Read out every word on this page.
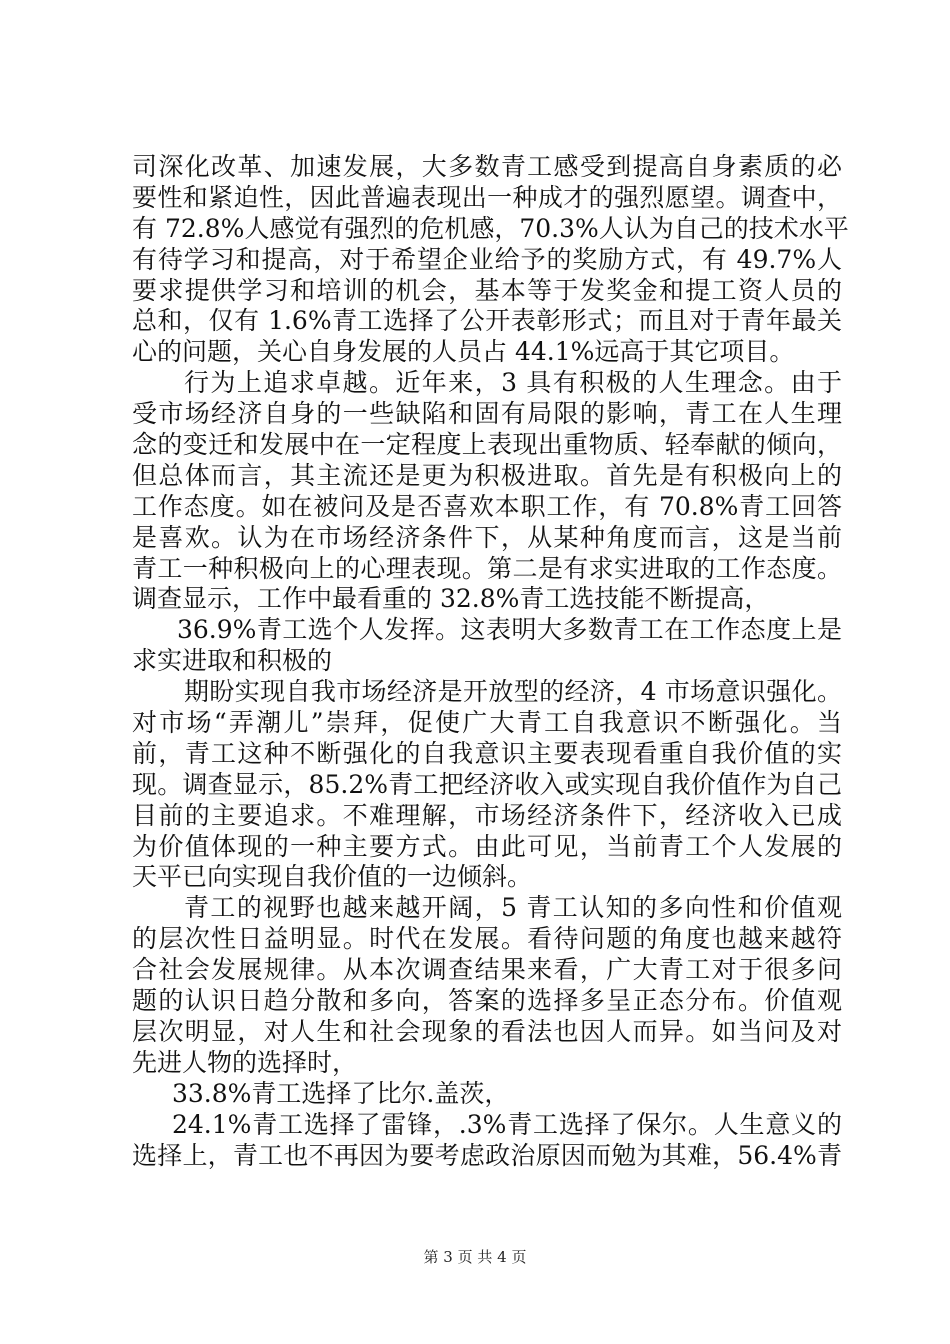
司深化改革、加速发展，大多数青工感受到提高自身素质的必
要性和紧迫性，因此普遍表现出一种成才的强烈愿望。调查中，
有 72.8%人感觉有强烈的危机感，70.3%人认为自己的技术水平
有待学习和提高，对于希望企业给予的奖励方式，有 49.7%人
要求提供学习和培训的机会，基本等于发奖金和提工资人员的
总和，仅有 1.6%青工选择了公开表彰形式；而且对于青年最关
心的问题，关心自身发展的人员占 44.1%远高于其它项目。
行为上追求卓越。近年来，3 具有积极的人生理念。由于
受市场经济自身的一些缺陷和固有局限的影响，青工在人生理
念的变迁和发展中在一定程度上表现出重物质、轻奉献的倾向，
但总体而言，其主流还是更为积极进取。首先是有积极向上的
工作态度。如在被问及是否喜欢本职工作，有 70.8%青工回答
是喜欢。认为在市场经济条件下，从某种角度而言，这是当前
青工一种积极向上的心理表现。第二是有求实进取的工作态度。
调查显示，工作中最看重的 32.8%青工选技能不断提高，
36.9%青工选个人发挥。这表明大多数青工在工作态度上是
求实进取和积极的
期盼实现自我市场经济是开放型的经济，4 市场意识强化。
对市场“弄潮儿”崇拜，促使广大青工自我意识不断强化。当
前，青工这种不断强化的自我意识主要表现看重自我价值的实
现。调查显示，85.2%青工把经济收入或实现自我价值作为自己
目前的主要追求。不难理解，市场经济条件下，经济收入已成
为价值体现的一种主要方式。由此可见，当前青工个人发展的
天平已向实现自我价值的一边倾斜。
青工的视野也越来越开阔，5 青工认知的多向性和价值观
的层次性日益明显。时代在发展。看待问题的角度也越来越符
合社会发展规律。从本次调查结果来看，广大青工对于很多问
题的认识日趋分散和多向，答案的选择多呈正态分布。价值观
层次明显，对人生和社会现象的看法也因人而异。如当问及对
先进人物的选择时，
33.8%青工选择了比尔.盖茨，
24.1%青工选择了雷锋，.3%青工选择了保尔。人生意义的
选择上，青工也不再因为要考虑政治原因而勉为其难，56.4%青
第 3 页 共 4 页
